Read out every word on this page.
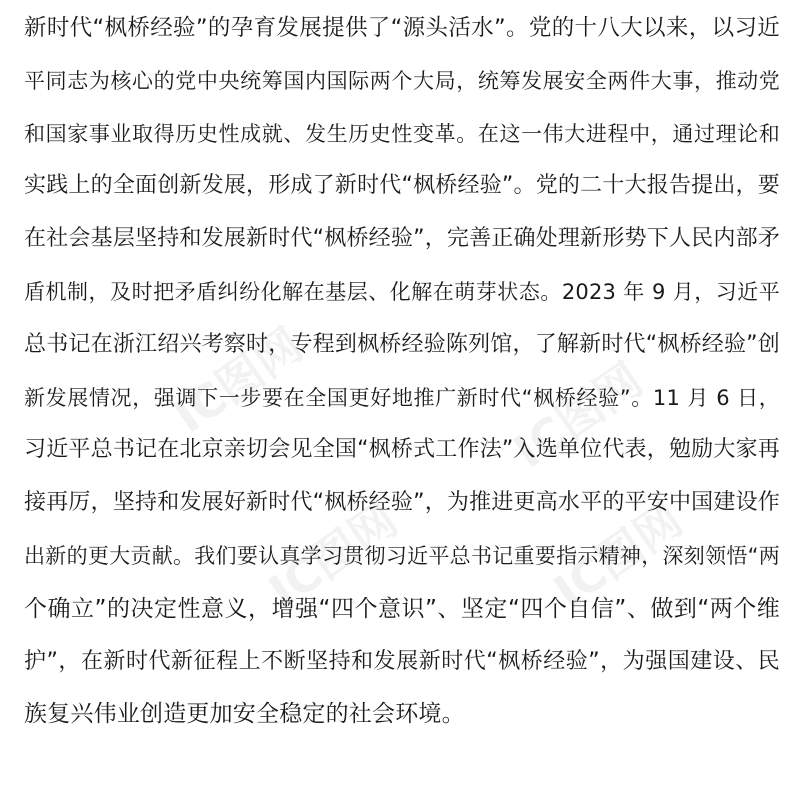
IC图网	IC图网
IC图网	IC图网
新时代“枫桥经验”的孕育发展提供了“源头活水”。党的十八大以来，以习近
平同志为核心的党中央统筹国内国际两个大局，统筹发展安全两件大事，推动党
和国家事业取得历史性成就、发生历史性变革。在这一伟大进程中，通过理论和
实践上的全面创新发展，形成了新时代“枫桥经验”。党的二十大报告提出，要
在社会基层坚持和发展新时代“枫桥经验”，完善正确处理新形势下人民内部矛
盾机制，及时把矛盾纠纷化解在基层、化解在萌芽状态。2023 年 9 月，习近平
总书记在浙江绍兴考察时，专程到枫桥经验陈列馆，了解新时代“枫桥经验”创
新发展情况，强调下一步要在全国更好地推广新时代“枫桥经验”。11 月 6 日，
习近平总书记在北京亲切会见全国“枫桥式工作法”入选单位代表，勉励大家再
接再厉，坚持和发展好新时代“枫桥经验”，为推进更高水平的平安中国建设作
出新的更大贡献。我们要认真学习贯彻习近平总书记重要指示精神，深刻领悟“两
个确立”的决定性意义，增强“四个意识”、坚定“四个自信”、做到“两个维
护”，在新时代新征程上不断坚持和发展新时代“枫桥经验”，为强国建设、民
族复兴伟业创造更加安全稳定的社会环境。
